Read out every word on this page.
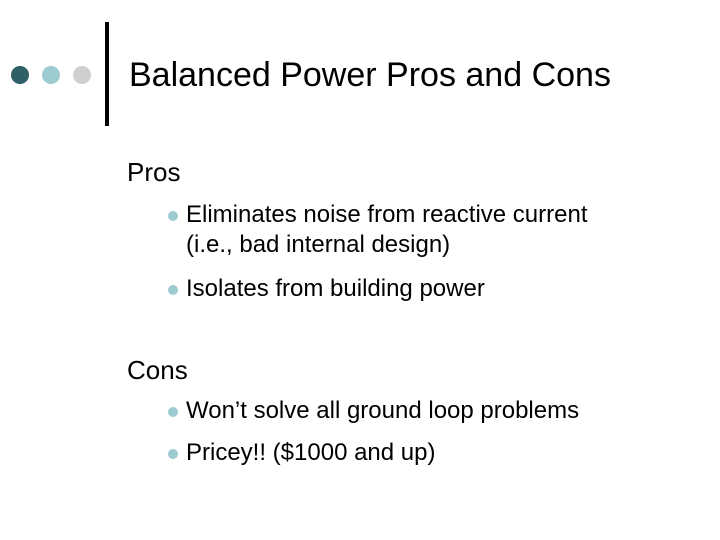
Balanced Power Pros and Cons
Pros
Eliminates noise from reactive current
(i.e., bad internal design)
Isolates from building power
Cons
Won’t solve all ground loop problems
Pricey!! ($1000 and up)
